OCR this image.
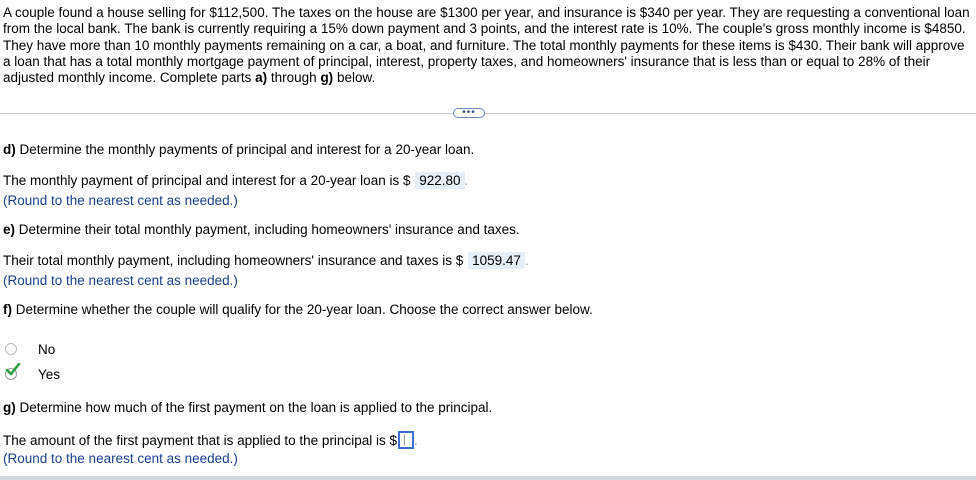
A couple found a house selling for $112,500. The taxes on the house are $1300 per year, and insurance is $340 per year. They are requesting a conventional loan from the local bank. The bank is currently requiring a 15% down payment and 3 points, and the interest rate is 10%. The couple's gross monthly income is $4850. They have more than 10 monthly payments remaining on a car, a boat, and furniture. The total monthly payments for these items is $430. Their bank will approve a loan that has a total monthly mortgage payment of principal, interest, property taxes, and homeowners' insurance that is less than or equal to 28% of their adjusted monthly income. Complete parts a) through g) below.

•••
d) Determine the monthly payments of principal and interest for a 20-year loan.
The monthly payment of principal and interest for a 20-year loan is $ 922.80 .
(Round to the nearest cent as needed.)
e) Determine their total monthly payment, including homeowners' insurance and taxes.
Their total monthly payment, including homeowners' insurance and taxes is $ 1059.47 .
(Round to the nearest cent as needed.)
f) Determine whether the couple will qualify for the 20-year loan. Choose the correct answer below.
No
Yes
g) Determine how much of the first payment on the loan is applied to the principal.
The amount of the first payment that is applied to the principal is $ .
(Round to the nearest cent as needed.)
